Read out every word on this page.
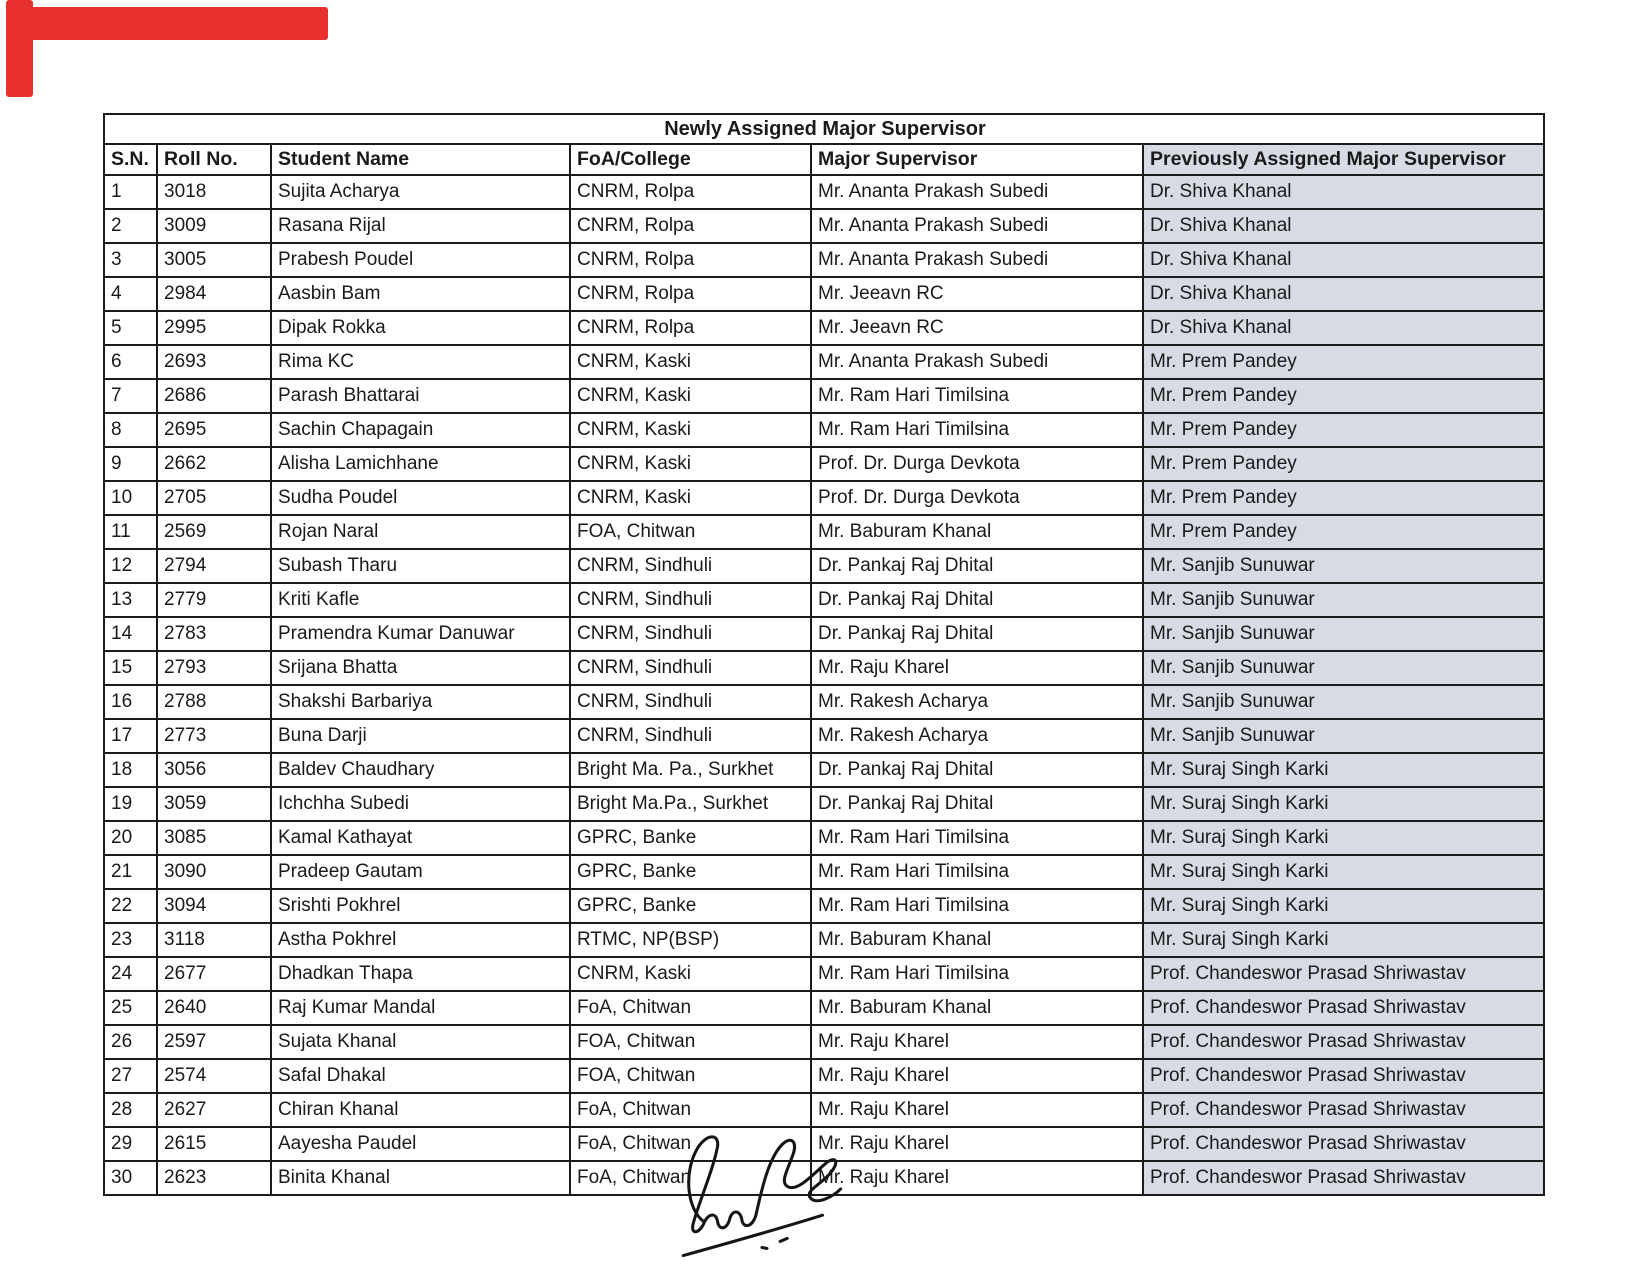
Newly Assigned Major Supervisor					
S.N.	Roll No.	Student Name	FoA/College	Major Supervisor	Previously Assigned Major Supervisor
1	3018	Sujita Acharya	CNRM, Rolpa	Mr. Ananta Prakash Subedi	Dr. Shiva Khanal
2	3009	Rasana Rijal	CNRM, Rolpa	Mr. Ananta Prakash Subedi	Dr. Shiva Khanal
3	3005	Prabesh Poudel	CNRM, Rolpa	Mr. Ananta Prakash Subedi	Dr. Shiva Khanal
4	2984	Aasbin Bam	CNRM, Rolpa	Mr. Jeeavn RC	Dr. Shiva Khanal
5	2995	Dipak Rokka	CNRM, Rolpa	Mr. Jeeavn RC	Dr. Shiva Khanal
6	2693	Rima KC	CNRM, Kaski	Mr. Ananta Prakash Subedi	Mr. Prem Pandey
7	2686	Parash Bhattarai	CNRM, Kaski	Mr. Ram Hari Timilsina	Mr. Prem Pandey
8	2695	Sachin Chapagain	CNRM, Kaski	Mr. Ram Hari Timilsina	Mr. Prem Pandey
9	2662	Alisha Lamichhane	CNRM, Kaski	Prof. Dr. Durga Devkota	Mr. Prem Pandey
10	2705	Sudha Poudel	CNRM, Kaski	Prof. Dr. Durga Devkota	Mr. Prem Pandey
11	2569	Rojan Naral	FOA, Chitwan	Mr. Baburam Khanal	Mr. Prem Pandey
12	2794	Subash Tharu	CNRM, Sindhuli	Dr. Pankaj Raj Dhital	Mr. Sanjib Sunuwar
13	2779	Kriti Kafle	CNRM, Sindhuli	Dr. Pankaj Raj Dhital	Mr. Sanjib Sunuwar
14	2783	Pramendra Kumar Danuwar	CNRM, Sindhuli	Dr. Pankaj Raj Dhital	Mr. Sanjib Sunuwar
15	2793	Srijana Bhatta	CNRM, Sindhuli	Mr. Raju Kharel	Mr. Sanjib Sunuwar
16	2788	Shakshi Barbariya	CNRM, Sindhuli	Mr. Rakesh Acharya	Mr. Sanjib Sunuwar
17	2773	Buna Darji	CNRM, Sindhuli	Mr. Rakesh Acharya	Mr. Sanjib Sunuwar
18	3056	Baldev Chaudhary	Bright Ma. Pa., Surkhet	Dr. Pankaj Raj Dhital	Mr. Suraj Singh Karki
19	3059	Ichchha Subedi	Bright Ma.Pa., Surkhet	Dr. Pankaj Raj Dhital	Mr. Suraj Singh Karki
20	3085	Kamal Kathayat	GPRC, Banke	Mr. Ram Hari Timilsina	Mr. Suraj Singh Karki
21	3090	Pradeep Gautam	GPRC, Banke	Mr. Ram Hari Timilsina	Mr. Suraj Singh Karki
22	3094	Srishti Pokhrel	GPRC, Banke	Mr. Ram Hari Timilsina	Mr. Suraj Singh Karki
23	3118	Astha Pokhrel	RTMC, NP(BSP)	Mr. Baburam Khanal	Mr. Suraj Singh Karki
24	2677	Dhadkan Thapa	CNRM, Kaski	Mr. Ram Hari Timilsina	Prof. Chandeswor Prasad Shriwastav
25	2640	Raj Kumar Mandal	FoA, Chitwan	Mr. Baburam Khanal	Prof. Chandeswor Prasad Shriwastav
26	2597	Sujata Khanal	FOA, Chitwan	Mr. Raju Kharel	Prof. Chandeswor Prasad Shriwastav
27	2574	Safal Dhakal	FOA, Chitwan	Mr. Raju Kharel	Prof. Chandeswor Prasad Shriwastav
28	2627	Chiran Khanal	FoA, Chitwan	Mr. Raju Kharel	Prof. Chandeswor Prasad Shriwastav
29	2615	Aayesha Paudel	FoA, Chitwan	Mr. Raju Kharel	Prof. Chandeswor Prasad Shriwastav
30	2623	Binita Khanal	FoA, Chitwan	Mr. Raju Kharel	Prof. Chandeswor Prasad Shriwastav
